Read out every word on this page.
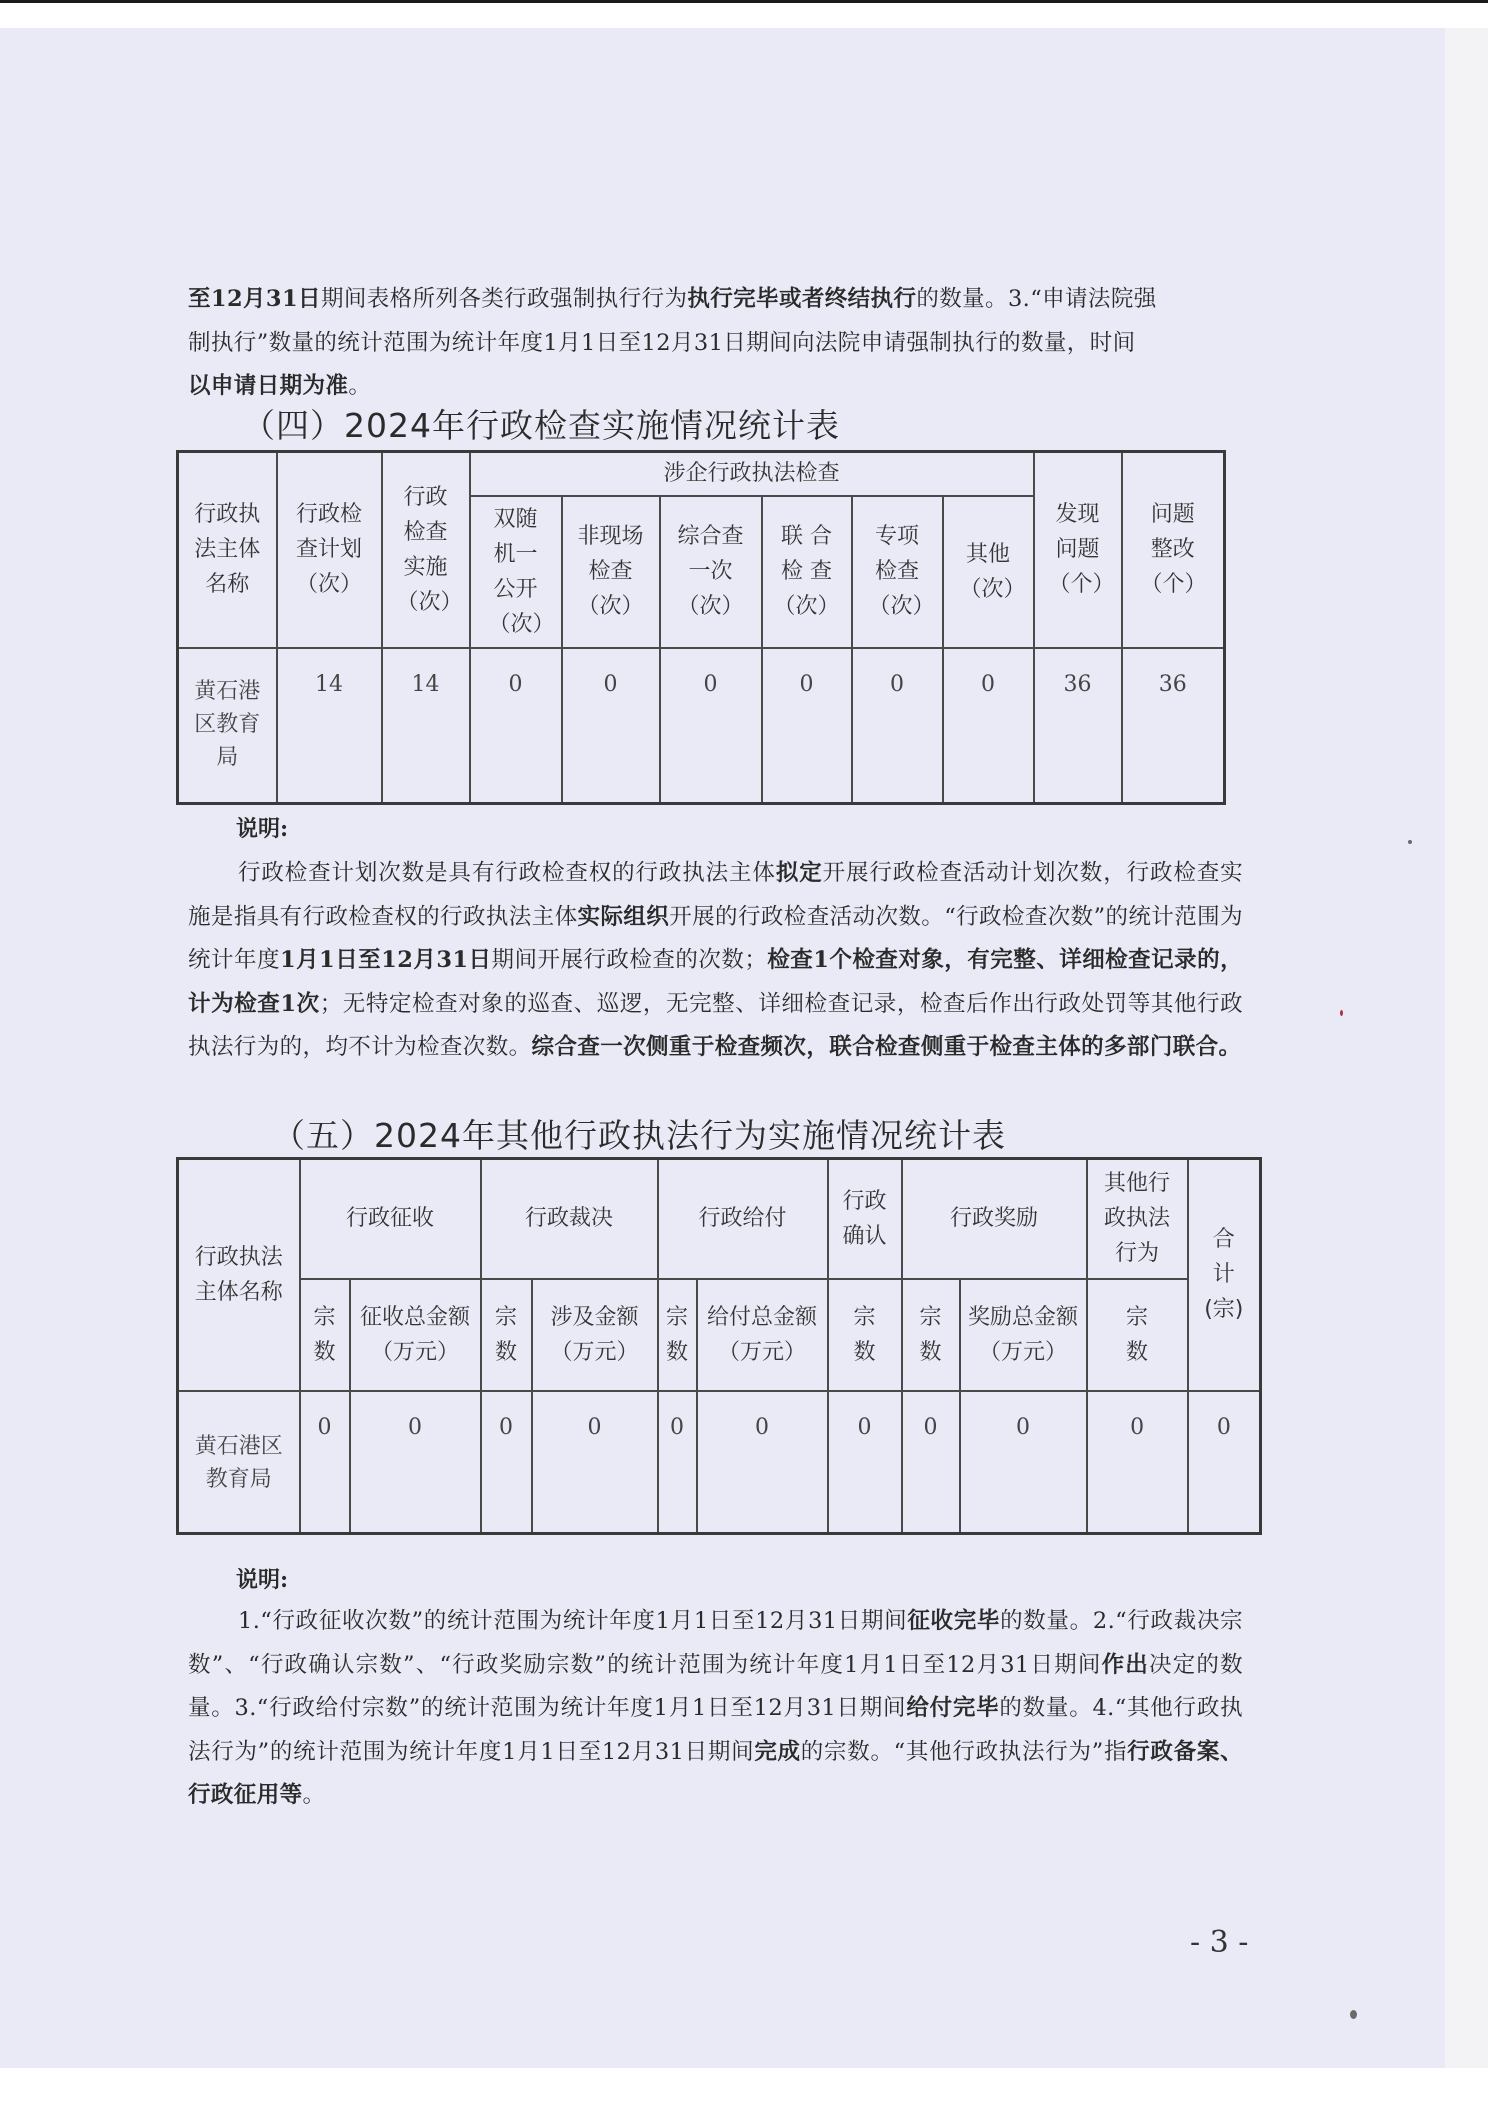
至12月31日期间表格所列各类行政强制执行行为执行完毕或者终结执行的数量。3.“申请法院强
制执行”数量的统计范围为统计年度1月1日至12月31日期间向法院申请强制执行的数量，时间
以申请日期为准。
（四）2024年行政检查实施情况统计表
行政执法主体名称	行政检查计划（次）	行政检查实施（次）	涉企行政执法检查						发现问题（个）	问题整改（个）
			双随机一公开（次）	非现场检查（次）	综合查一次（次）	联 合 检 查（次）	专项检查（次）	其他（次）		
黄石港区教育局	14	14	0	0	0	0	0	0	36	36
说明:
行政检查计划次数是具有行政检查权的行政执法主体拟定开展行政检查活动计划次数，行政检查实施是指具有行政检查权的行政执法主体实际组织开展的行政检查活动次数。“行政检查次数”的统计范围为统计年度1月1日至12月31日期间开展行政检查的次数；检查1个检查对象，有完整、详细检查记录的，计为检查1次；无特定检查对象的巡查、巡逻，无完整、详细检查记录，检查后作出行政处罚等其他行政执法行为的，均不计为检查次数。综合查一次侧重于检查频次，联合检查侧重于检查主体的多部门联合。
（五）2024年其他行政执法行为实施情况统计表
行政执法主体名称	行政征收		行政裁决		行政给付		行政确认	行政奖励		其他行政执法行为	合计(宗)
	宗数	征收总金额（万元）	宗数	涉及金额（万元）	宗数	给付总金额（万元）	宗数	宗数	奖励总金额（万元）	宗数	
黄石港区教育局	0	0	0	0	0	0	0	0	0	0	0
说明:
1.“行政征收次数”的统计范围为统计年度1月1日至12月31日期间征收完毕的数量。2.“行政裁决宗数”、“行政确认宗数”、“行政奖励宗数”的统计范围为统计年度1月1日至12月31日期间作出决定的数量。3.“行政给付宗数”的统计范围为统计年度1月1日至12月31日期间给付完毕的数量。4.“其他行政执法行为”的统计范围为统计年度1月1日至12月31日期间完成的宗数。“其他行政执法行为”指行政备案、行政征用等。
- 3 -
